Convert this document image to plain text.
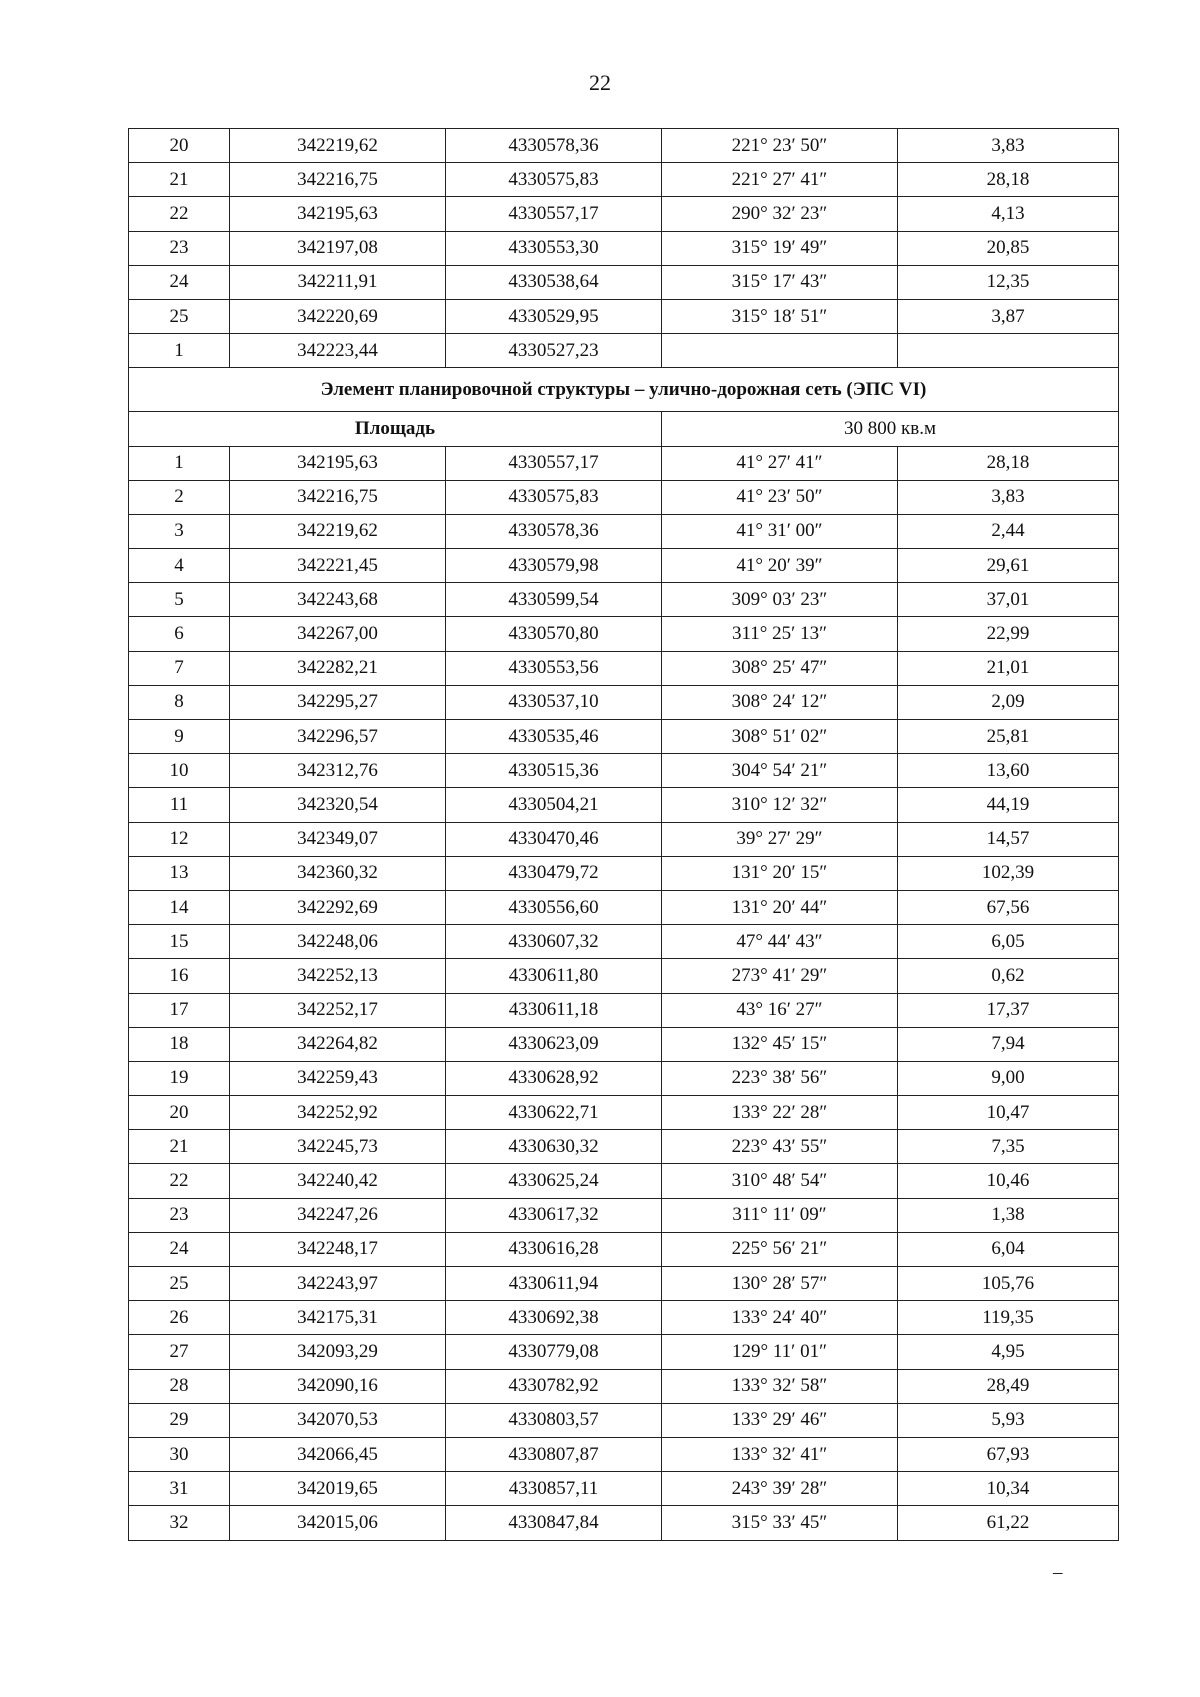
22
20	342219,62	4330578,36	221° 23′ 50″	3,83
21	342216,75	4330575,83	221° 27′ 41″	28,18
22	342195,63	4330557,17	290° 32′ 23″	4,13
23	342197,08	4330553,30	315° 19′ 49″	20,85
24	342211,91	4330538,64	315° 17′ 43″	12,35
25	342220,69	4330529,95	315° 18′ 51″	3,87
1	342223,44	4330527,23		
Элемент планировочной структуры – улично-дорожная сеть (ЭПС VI)				
Площадь			30 800 кв.м	
1	342195,63	4330557,17	41° 27′ 41″	28,18
2	342216,75	4330575,83	41° 23′ 50″	3,83
3	342219,62	4330578,36	41° 31′ 00″	2,44
4	342221,45	4330579,98	41° 20′ 39″	29,61
5	342243,68	4330599,54	309° 03′ 23″	37,01
6	342267,00	4330570,80	311° 25′ 13″	22,99
7	342282,21	4330553,56	308° 25′ 47″	21,01
8	342295,27	4330537,10	308° 24′ 12″	2,09
9	342296,57	4330535,46	308° 51′ 02″	25,81
10	342312,76	4330515,36	304° 54′ 21″	13,60
11	342320,54	4330504,21	310° 12′ 32″	44,19
12	342349,07	4330470,46	39° 27′ 29″	14,57
13	342360,32	4330479,72	131° 20′ 15″	102,39
14	342292,69	4330556,60	131° 20′ 44″	67,56
15	342248,06	4330607,32	47° 44′ 43″	6,05
16	342252,13	4330611,80	273° 41′ 29″	0,62
17	342252,17	4330611,18	43° 16′ 27″	17,37
18	342264,82	4330623,09	132° 45′ 15″	7,94
19	342259,43	4330628,92	223° 38′ 56″	9,00
20	342252,92	4330622,71	133° 22′ 28″	10,47
21	342245,73	4330630,32	223° 43′ 55″	7,35
22	342240,42	4330625,24	310° 48′ 54″	10,46
23	342247,26	4330617,32	311° 11′ 09″	1,38
24	342248,17	4330616,28	225° 56′ 21″	6,04
25	342243,97	4330611,94	130° 28′ 57″	105,76
26	342175,31	4330692,38	133° 24′ 40″	119,35
27	342093,29	4330779,08	129° 11′ 01″	4,95
28	342090,16	4330782,92	133° 32′ 58″	28,49
29	342070,53	4330803,57	133° 29′ 46″	5,93
30	342066,45	4330807,87	133° 32′ 41″	67,93
31	342019,65	4330857,11	243° 39′ 28″	10,34
32	342015,06	4330847,84	315° 33′ 45″	61,22
–
